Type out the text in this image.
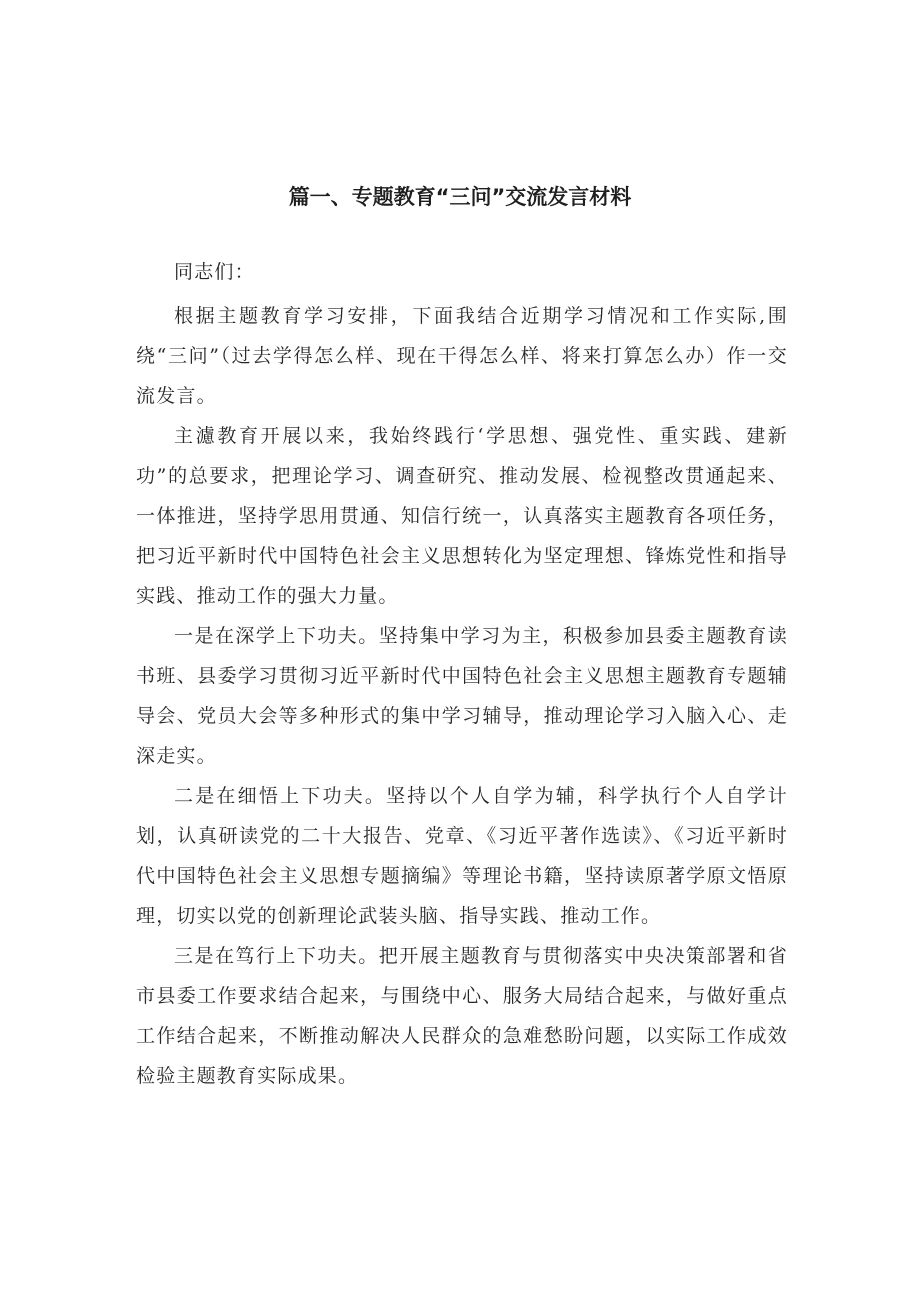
篇一、专题教育“三问”交流发言材料

同志们：

根据主题教育学习安排，下面我结合近期学习情况和工作实际,围绕“三问”（过去学得怎么样、现在干得怎么样、将来打算怎么办）作一交流发言。

主濾教育开展以来，我始终践行‘学思想、强党性、重实践、建新功”的总要求，把理论学习、调查研究、推动发展、检视整改贯通起来、一体推进，坚持学思用贯通、知信行统一，认真落实主题教育各项任务，把习近平新时代中国特色社会主义思想转化为坚定理想、锋炼党性和指导实践、推动工作的强大力量。

一是在深学上下功夫。坚持集中学习为主，积极参加县委主题教育读书班、县委学习贯彻习近平新时代中国特色社会主义思想主题教育专题辅导会、党员大会等多种形式的集中学习辅导，推动理论学习入脑入心、走深走实。

二是在细悟上下功夫。坚持以个人自学为辅，科学执行个人自学计划，认真研读党的二十大报告、党章、《习近平著作选读》、《习近平新时代中国特色社会主义思想专题摘编》等理论书籍，坚持读原著学原文悟原理，切实以党的创新理论武装头脑、指导实践、推动工作。

三是在笃行上下功夫。把开展主题教育与贯彻落实中央决策部署和省市县委工作要求结合起来，与围绕中心、服务大局结合起来，与做好重点工作结合起来，不断推动解决人民群众的急难愁盼问题，以实际工作成效检验主题教育实际成果。
